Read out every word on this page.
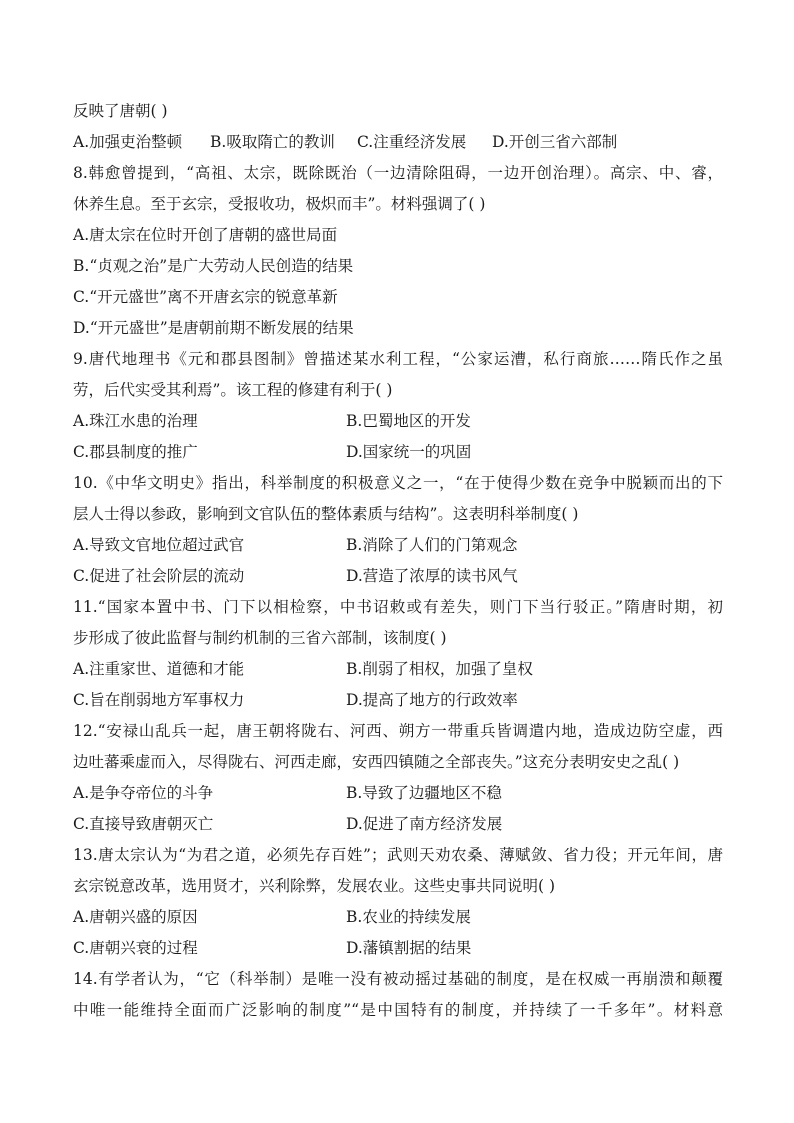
反映了唐朝( )
A.加强吏治整顿	B.吸取隋亡的教训	C.注重经济发展	D.开创三省六部制
8.韩愈曾提到，“高祖、太宗，既除既治（一边清除阻碍，一边开创治理）。高宗、中、睿，
休养生息。至于玄宗，受报收功，极炽而丰”。材料强调了( )
A.唐太宗在位时开创了唐朝的盛世局面
B.“贞观之治”是广大劳动人民创造的结果
C.“开元盛世”离不开唐玄宗的锐意革新
D.“开元盛世”是唐朝前期不断发展的结果
9.唐代地理书《元和郡县图制》曾描述某水利工程，“公家运漕，私行商旅……隋氏作之虽
劳，后代实受其利焉”。该工程的修建有利于( )
A.珠江水患的治理	B.巴蜀地区的开发
C.郡县制度的推广	D.国家统一的巩固
10.《中华文明史》指出，科举制度的积极意义之一，“在于使得少数在竞争中脱颖而出的下
层人士得以参政，影响到文官队伍的整体素质与结构”。这表明科举制度( )
A.导致文官地位超过武官	B.消除了人们的门第观念
C.促进了社会阶层的流动	D.营造了浓厚的读书风气
11.“国家本置中书、门下以相检察，中书诏敕或有差失，则门下当行驳正。”隋唐时期，初
步形成了彼此监督与制约机制的三省六部制，该制度( )
A.注重家世、道德和才能	B.削弱了相权，加强了皇权
C.旨在削弱地方军事权力	D.提高了地方的行政效率
12.“安禄山乱兵一起，唐王朝将陇右、河西、朔方一带重兵皆调遣内地，造成边防空虚，西
边吐蕃乘虚而入，尽得陇右、河西走廊，安西四镇随之全部丧失。”这充分表明安史之乱( )
A.是争夺帝位的斗争	B.导致了边疆地区不稳
C.直接导致唐朝灭亡	D.促进了南方经济发展
13.唐太宗认为“为君之道，必须先存百姓”；武则天劝农桑、薄赋敛、省力役；开元年间，唐
玄宗锐意改革，选用贤才，兴利除弊，发展农业。这些史事共同说明( )
A.唐朝兴盛的原因	B.农业的持续发展
C.唐朝兴衰的过程	D.藩镇割据的结果
14.有学者认为，“它（科举制）是唯一没有被动摇过基础的制度，是在权威一再崩溃和颠覆
中唯一能维持全面而广泛影响的制度”“是中国特有的制度，并持续了一千多年”。材料意
